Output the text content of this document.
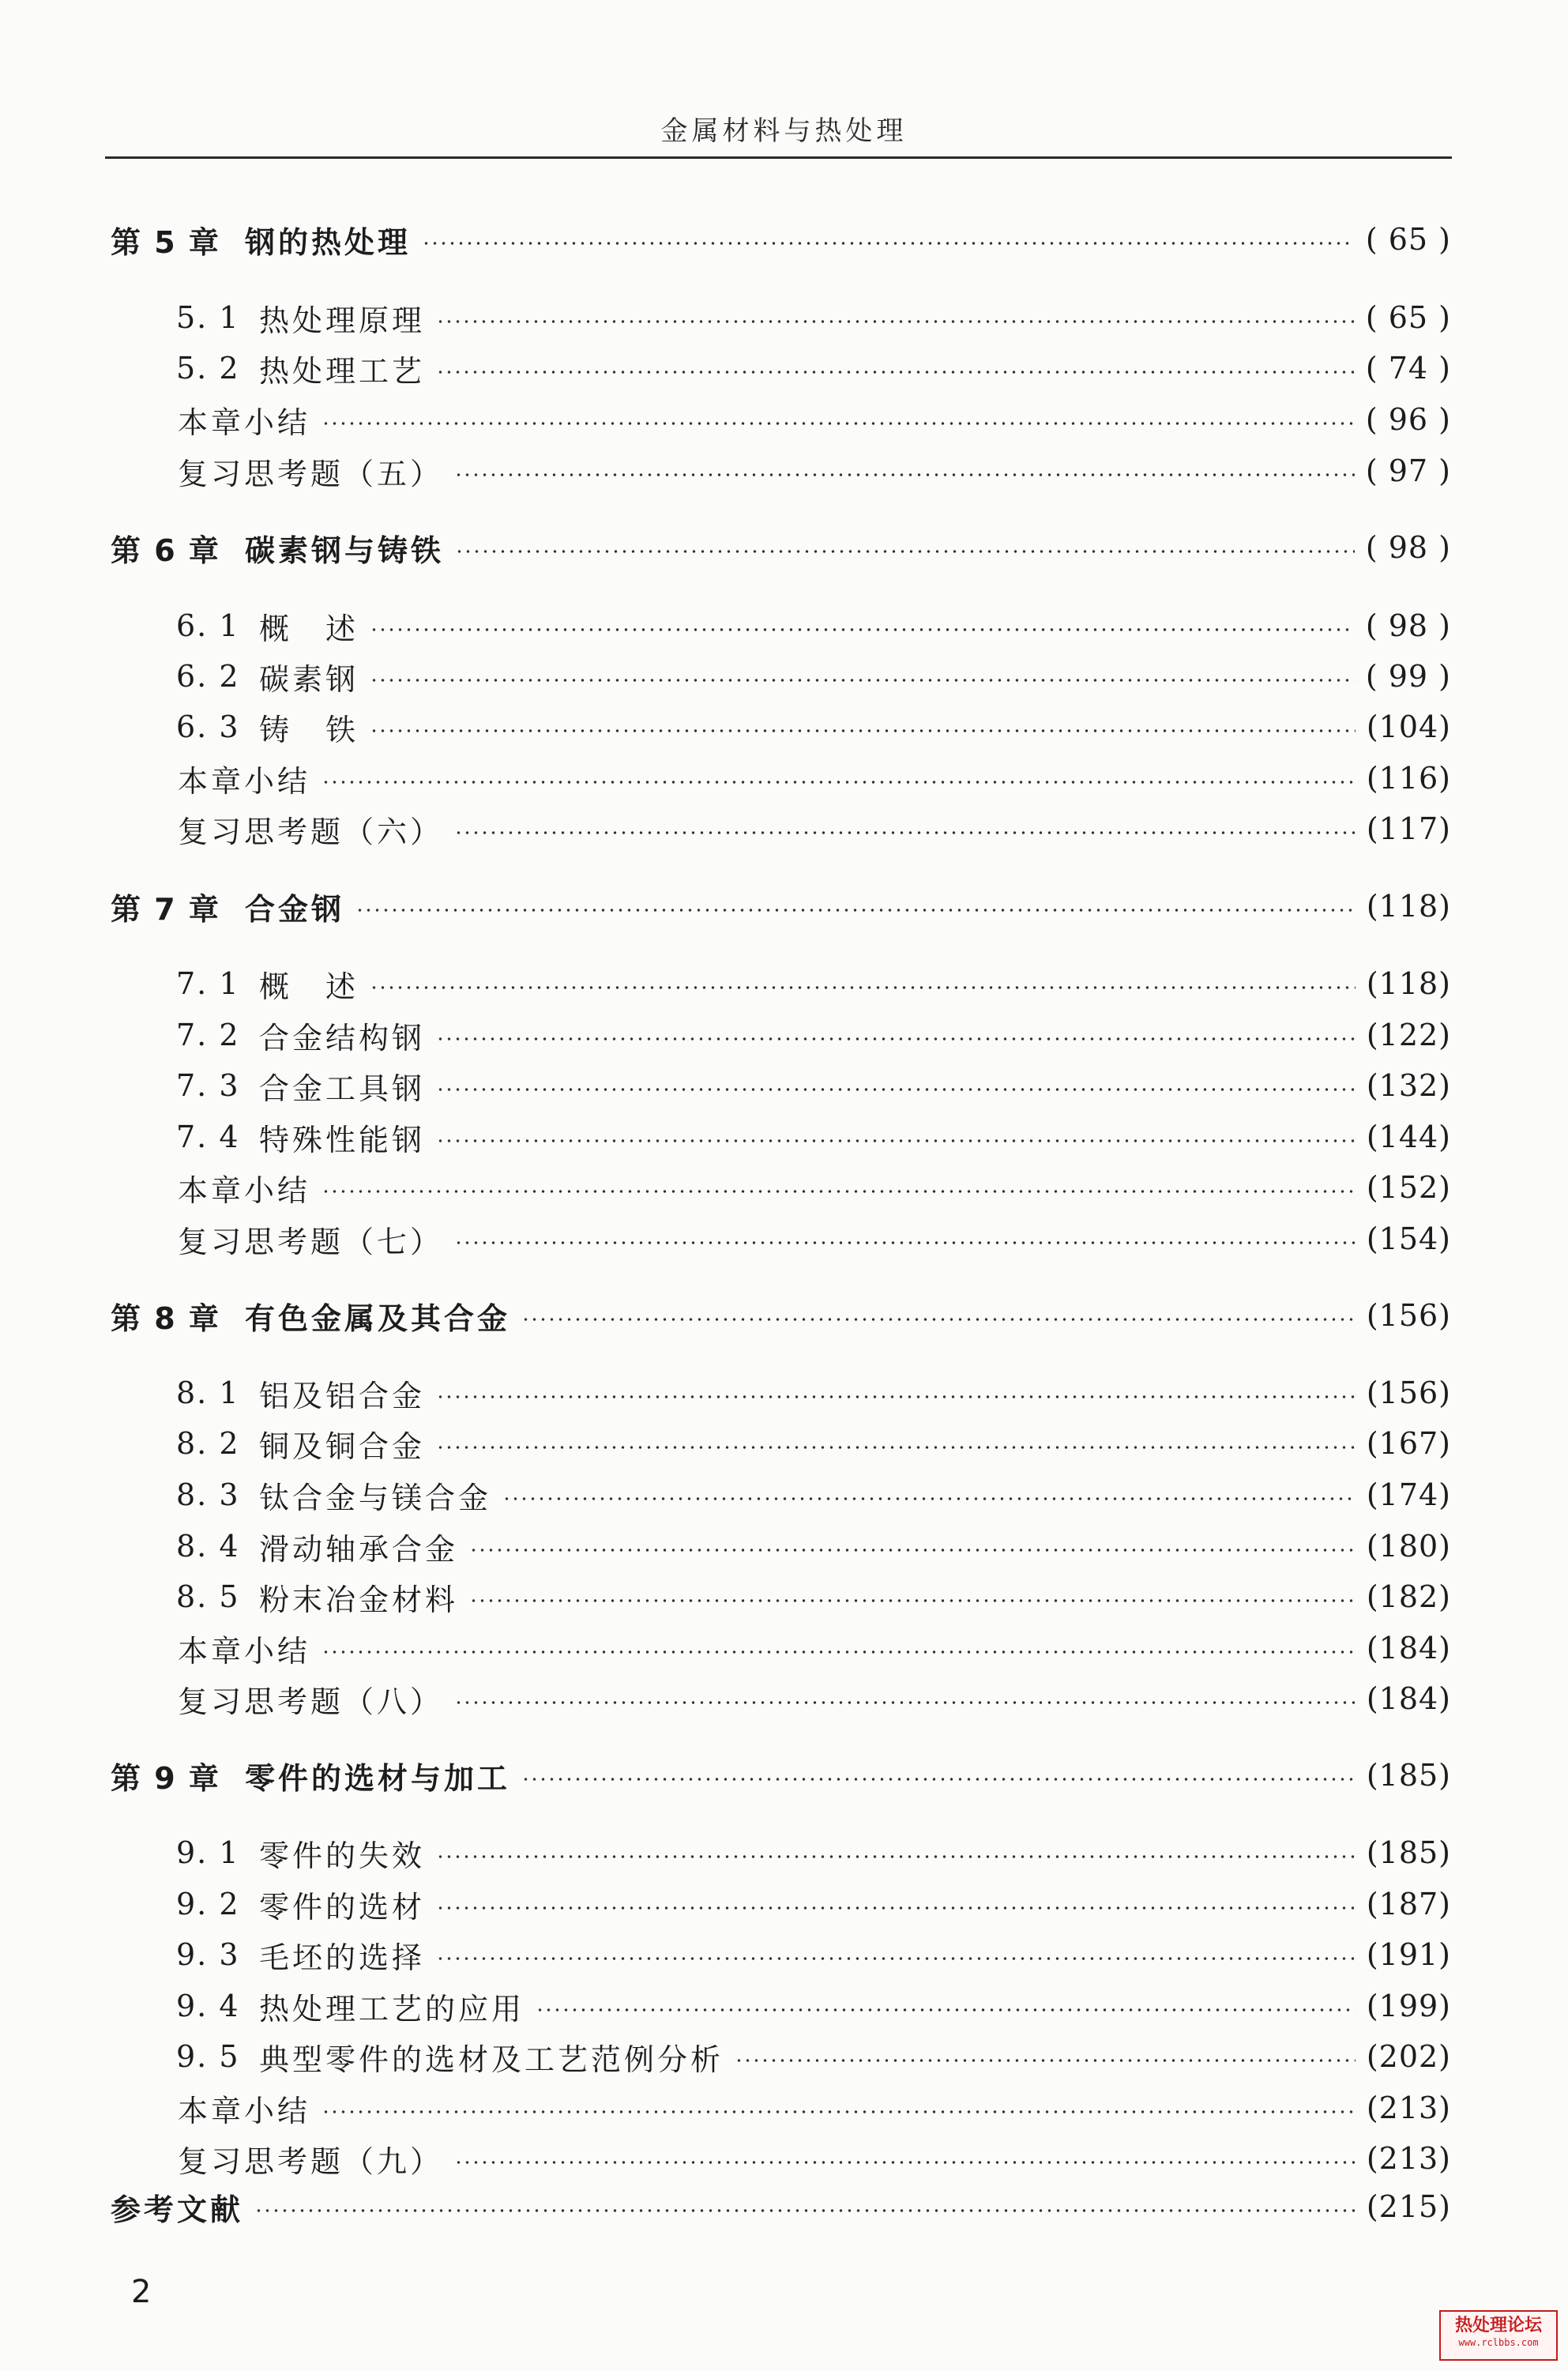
金属材料与热处理
第 5 章 钢的热处理	( 65 )
5. 1 热处理原理	( 65 )
5. 2 热处理工艺	( 74 )
本章小结	( 96 )
复习思考题（五）	( 97 )
第 6 章 碳素钢与铸铁	( 98 )
6. 1 概　述	( 98 )
6. 2 碳素钢	( 99 )
6. 3 铸　铁	(104)
本章小结	(116)
复习思考题（六）	(117)
第 7 章 合金钢	(118)
7. 1 概　述	(118)
7. 2 合金结构钢	(122)
7. 3 合金工具钢	(132)
7. 4 特殊性能钢	(144)
本章小结	(152)
复习思考题（七）	(154)
第 8 章 有色金属及其合金	(156)
8. 1 铝及铝合金	(156)
8. 2 铜及铜合金	(167)
8. 3 钛合金与镁合金	(174)
8. 4 滑动轴承合金	(180)
8. 5 粉末冶金材料	(182)
本章小结	(184)
复习思考题（八）	(184)
第 9 章 零件的选材与加工	(185)
9. 1 零件的失效	(185)
9. 2 零件的选材	(187)
9. 3 毛坯的选择	(191)
9. 4 热处理工艺的应用	(199)
9. 5 典型零件的选材及工艺范例分析	(202)
本章小结	(213)
复习思考题（九）	(213)
参考文献	(215)
2
热处理论坛
www.rclbbs.com
